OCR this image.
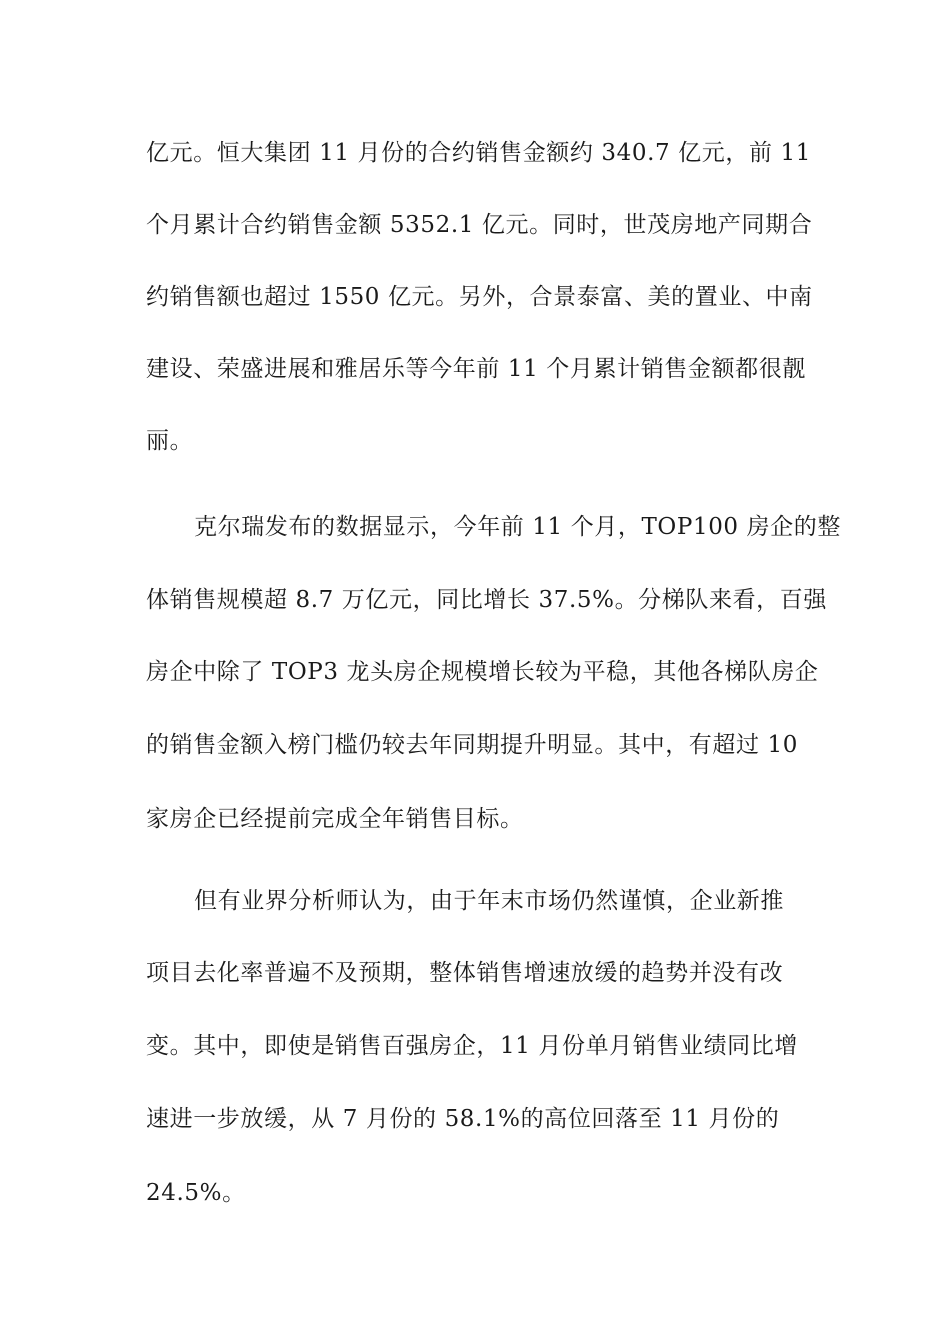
亿元。恒大集团 11 月份的合约销售金额约 340.7 亿元，前 11
个月累计合约销售金额 5352.1 亿元。同时，世茂房地产同期合
约销售额也超过 1550 亿元。另外，合景泰富、美的置业、中南
建设、荣盛进展和雅居乐等今年前 11 个月累计销售金额都很靓
丽。
克尔瑞发布的数据显示，今年前 11 个月，TOP100 房企的整
体销售规模超 8.7 万亿元，同比增长 37.5%。分梯队来看，百强
房企中除了 TOP3 龙头房企规模增长较为平稳，其他各梯队房企
的销售金额入榜门槛仍较去年同期提升明显。其中，有超过 10
家房企已经提前完成全年销售目标。
但有业界分析师认为，由于年末市场仍然谨慎，企业新推
项目去化率普遍不及预期，整体销售增速放缓的趋势并没有改
变。其中，即使是销售百强房企，11 月份单月销售业绩同比增
速进一步放缓，从 7 月份的 58.1%的高位回落至 11 月份的
24.5%。
